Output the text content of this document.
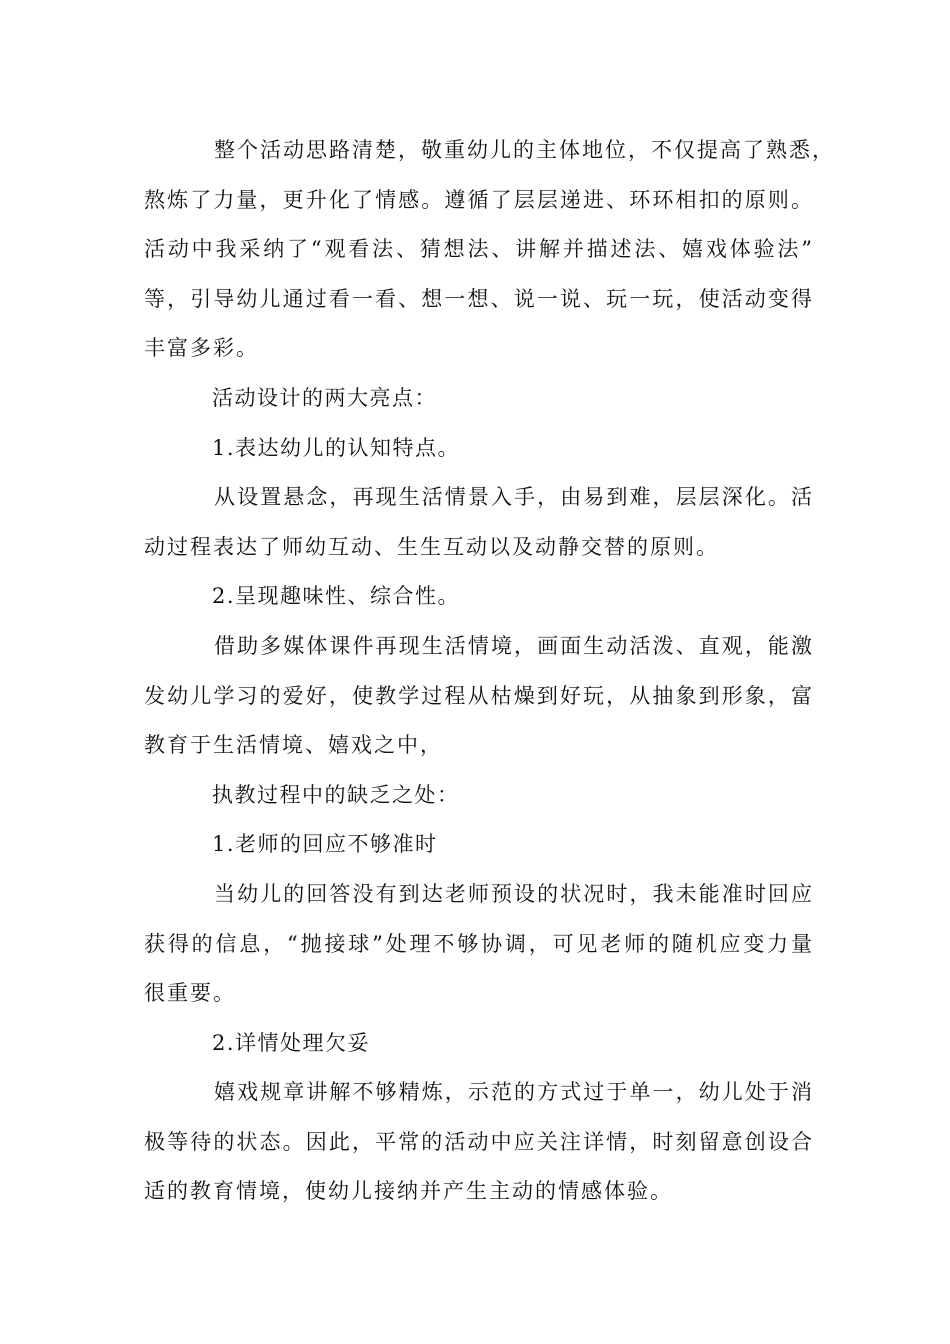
整个活动思路清楚，敬重幼儿的主体地位，不仅提高了熟悉，
熬炼了力量，更升化了情感。遵循了层层递进、环环相扣的原则。
活动中我采纳了“观看法、猜想法、讲解并描述法、嬉戏体验法”
等，引导幼儿通过看一看、想一想、说一说、玩一玩，使活动变得
丰富多彩。

活动设计的两大亮点：

1.表达幼儿的认知特点。

从设置悬念，再现生活情景入手，由易到难，层层深化。活
动过程表达了师幼互动、生生互动以及动静交替的原则。

2.呈现趣味性、综合性。

借助多媒体课件再现生活情境，画面生动活泼、直观，能激
发幼儿学习的爱好，使教学过程从枯燥到好玩，从抽象到形象，富
教育于生活情境、嬉戏之中，

执教过程中的缺乏之处：

1.老师的回应不够准时

当幼儿的回答没有到达老师预设的状况时，我未能准时回应
获得的信息，“抛接球”处理不够协调，可见老师的随机应变力量
很重要。

2.详情处理欠妥

嬉戏规章讲解不够精炼，示范的方式过于单一，幼儿处于消
极等待的状态。因此，平常的活动中应关注详情，时刻留意创设合
适的教育情境，使幼儿接纳并产生主动的情感体验。
